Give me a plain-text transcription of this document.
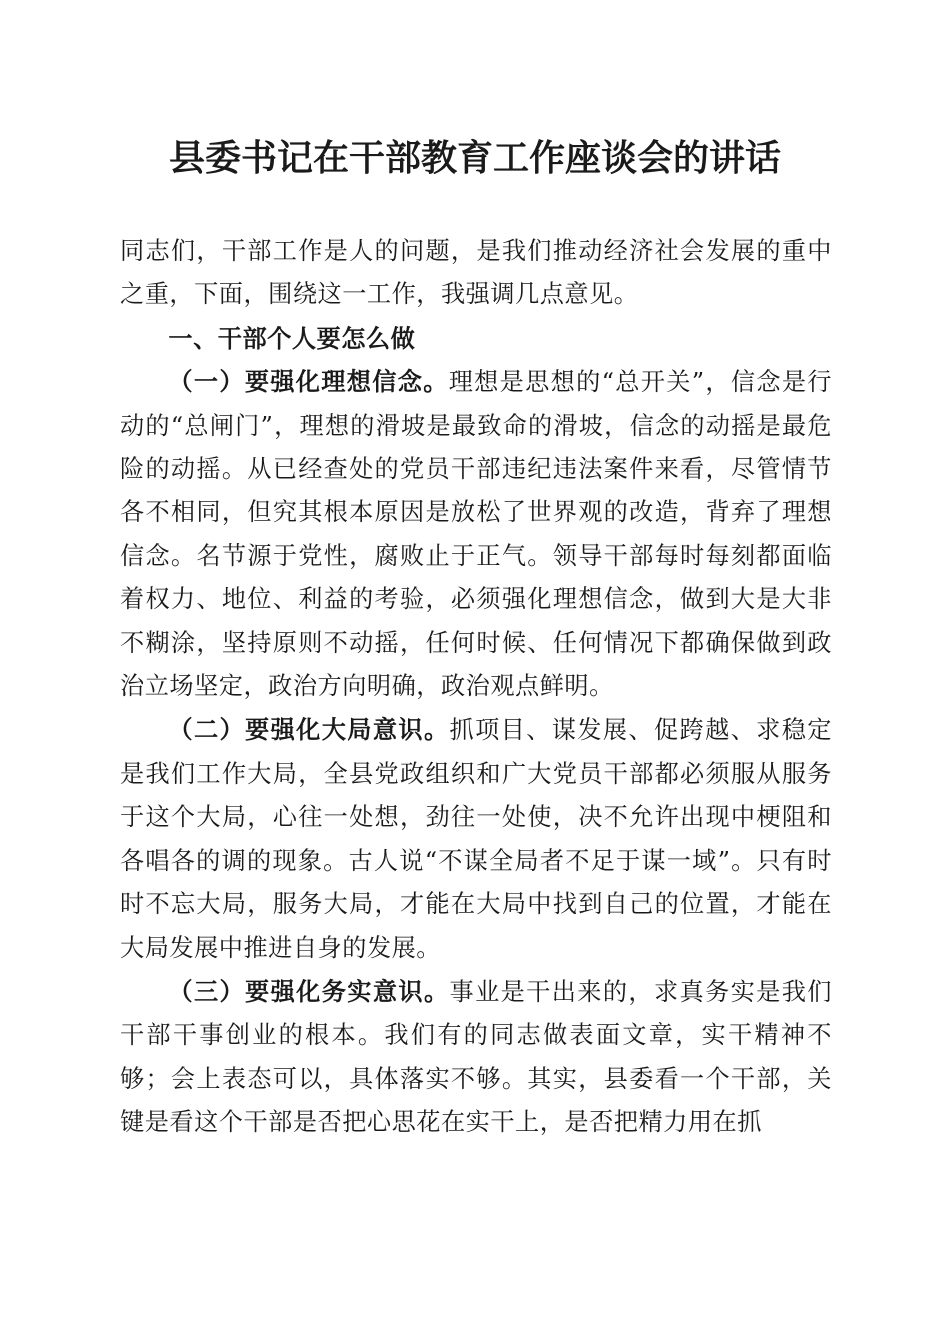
县委书记在干部教育工作座谈会的讲话

同志们，干部工作是人的问题，是我们推动经济社会发展的重中之重，下面，围绕这一工作，我强调几点意见。

一、干部个人要怎么做

（一）要强化理想信念。理想是思想的“总开关”，信念是行动的“总闸门”，理想的滑坡是最致命的滑坡，信念的动摇是最危险的动摇。从已经查处的党员干部违纪违法案件来看，尽管情节各不相同，但究其根本原因是放松了世界观的改造，背弃了理想信念。名节源于党性，腐败止于正气。领导干部每时每刻都面临着权力、地位、利益的考验，必须强化理想信念，做到大是大非不糊涂，坚持原则不动摇，任何时候、任何情况下都确保做到政治立场坚定，政治方向明确，政治观点鲜明。

（二）要强化大局意识。抓项目、谋发展、促跨越、求稳定是我们工作大局，全县党政组织和广大党员干部都必须服从服务于这个大局，心往一处想，劲往一处使，决不允许出现中梗阻和各唱各的调的现象。古人说“不谋全局者不足于谋一域”。只有时时不忘大局，服务大局，才能在大局中找到自己的位置，才能在大局发展中推进自身的发展。

（三）要强化务实意识。事业是干出来的，求真务实是我们干部干事创业的根本。我们有的同志做表面文章，实干精神不够；会上表态可以，具体落实不够。其实，县委看一个干部，关键是看这个干部是否把心思花在实干上，是否把精力用在抓
